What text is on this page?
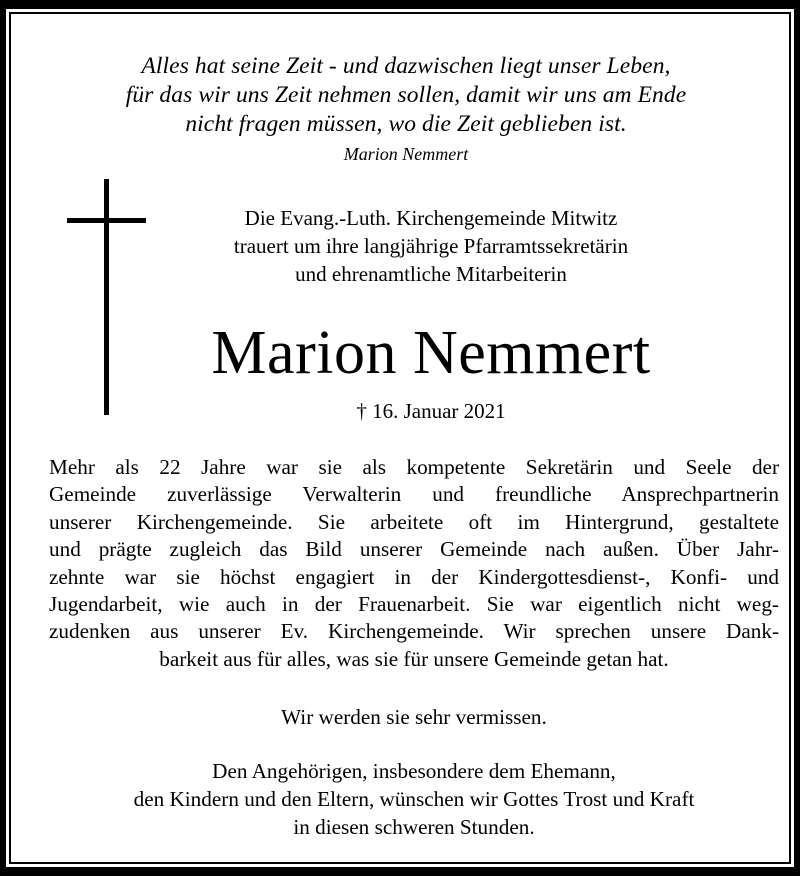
Alles hat seine Zeit - und dazwischen liegt unser Leben,
für das wir uns Zeit nehmen sollen, damit wir uns am Ende
nicht fragen müssen, wo die Zeit geblieben ist.
Marion Nemmert
Die Evang.-Luth. Kirchengemeinde Mitwitz
trauert um ihre langjährige Pfarramtssekretärin
und ehrenamtliche Mitarbeiterin
Marion Nemmert
† 16. Januar 2021
Mehr als 22 Jahre war sie als kompetente Sekretärin und Seele der
Gemeinde zuverlässige Verwalterin und freundliche Ansprechpartnerin
unserer Kirchengemeinde. Sie arbeitete oft im Hintergrund, gestaltete
und prägte zugleich das Bild unserer Gemeinde nach außen. Über Jahr-
zehnte war sie höchst engagiert in der Kindergottesdienst-, Konfi- und
Jugendarbeit, wie auch in der Frauenarbeit. Sie war eigentlich nicht weg-
zudenken aus unserer Ev. Kirchengemeinde. Wir sprechen unsere Dank-
barkeit aus für alles, was sie für unsere Gemeinde getan hat.
Wir werden sie sehr vermissen.
Den Angehörigen, insbesondere dem Ehemann,
den Kindern und den Eltern, wünschen wir Gottes Trost und Kraft
in diesen schweren Stunden.
